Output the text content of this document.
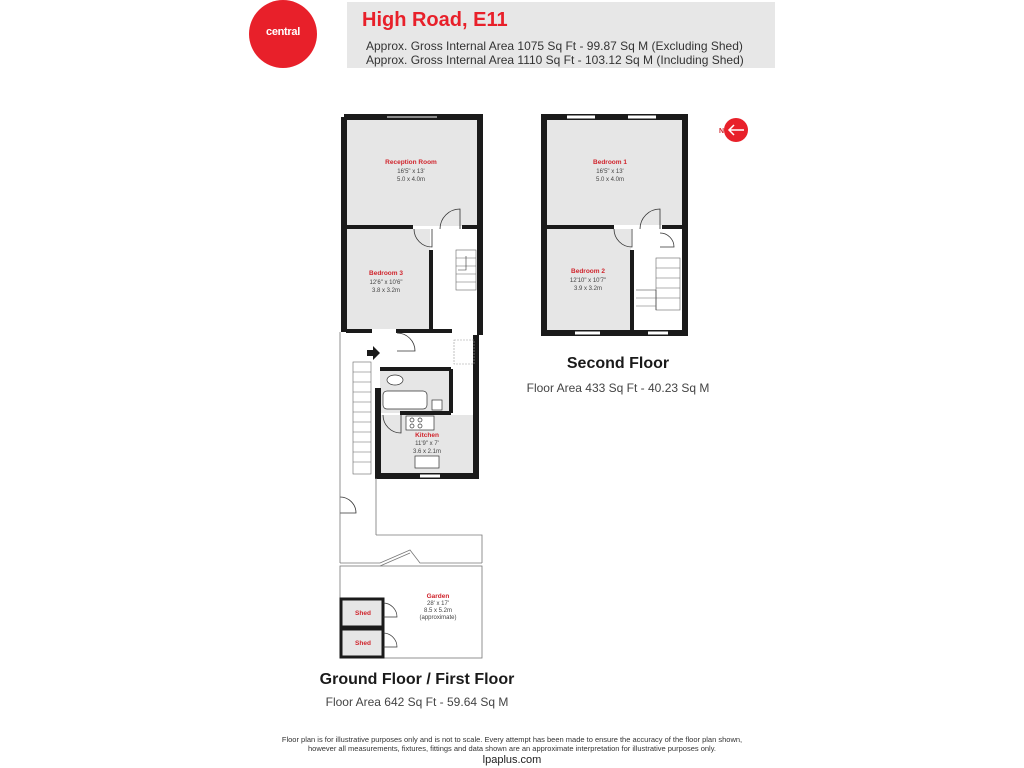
central
High Road, E11
Approx. Gross Internal Area 1075 Sq Ft - 99.87 Sq M (Excluding Shed)
Approx. Gross Internal Area 1110 Sq Ft - 103.12 Sq M (Including Shed)
Reception Room
16'5" x 13'
5.0 x 4.0m
Bedroom 3
12'6" x 10'6"
3.8 x 3.2m
Kitchen
11'9" x 7'
3.6 x 2.1m
Garden
28' x 17'
8.5 x 5.2m
(approximate)
Shed
Shed
Bedroom 1
16'5" x 13'
5.0 x 4.0m
Bedroom 2
12'10" x 10'7"
3.9 x 3.2m
N
Ground Floor / First Floor
Floor Area 642 Sq Ft - 59.64 Sq M
Second Floor
Floor Area 433 Sq Ft - 40.23 Sq M
Floor plan is for illustrative purposes only and is not to scale. Every attempt has been made to ensure the accuracy of the floor plan shown,
however all measurements, fixtures, fittings and data shown are an approximate interpretation for illustrative purposes only.
lpaplus.com
